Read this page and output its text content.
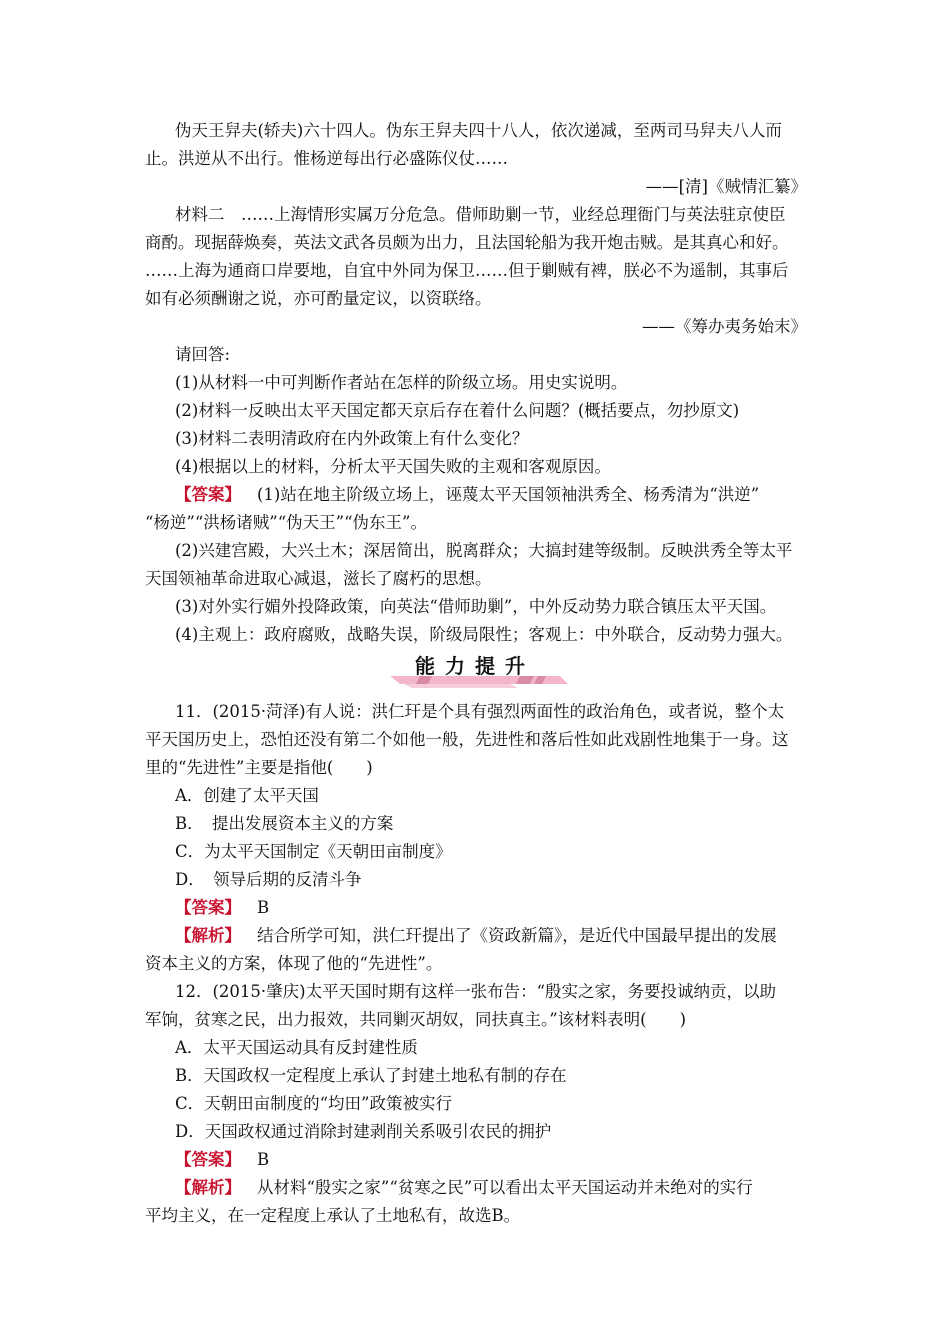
伪天王舁夫(轿夫)六十四人。伪东王舁夫四十八人，依次递减，至两司马舁夫八人而
止。洪逆从不出行。惟杨逆每出行必盛陈仪仗……
——[清]《贼情汇纂》
材料二　……上海情形实属万分危急。借师助剿一节，业经总理衙门与英法驻京使臣
商酌。现据薛焕奏，英法文武各员颇为出力，且法国轮船为我开炮击贼。是其真心和好。
……上海为通商口岸要地，自宜中外同为保卫……但于剿贼有裨，朕必不为遥制，其事后
如有必须酬谢之说，亦可酌量定议，以资联络。
——《筹办夷务始末》
请回答:
(1)从材料一中可判断作者站在怎样的阶级立场。用史实说明。
(2)材料一反映出太平天国定都天京后存在着什么问题？(概括要点，勿抄原文)
(3)材料二表明清政府在内外政策上有什么变化？
(4)根据以上的材料，分析太平天国失败的主观和客观原因。
【答案】 (1)站在地主阶级立场上，诬蔑太平天国领袖洪秀全、杨秀清为“洪逆”
“杨逆”“洪杨诸贼”“伪天王”“伪东王”。
(2)兴建宫殿，大兴土木；深居简出，脱离群众；大搞封建等级制。反映洪秀全等太平
天国领袖革命进取心减退，滋长了腐朽的思想。
(3)对外实行媚外投降政策，向英法“借师助剿”，中外反动势力联合镇压太平天国。
(4)主观上：政府腐败，战略失误，阶级局限性；客观上：中外联合，反动势力强大。
能力提升
11．(2015·菏泽)有人说：洪仁玕是个具有强烈两面性的政治角色，或者说，整个太
平天国历史上，恐怕还没有第二个如他一般，先进性和落后性如此戏剧性地集于一身。这
里的“先进性”主要是指他(　　)
A．创建了太平天国
B．　提出发展资本主义的方案
C．为太平天国制定《天朝田亩制度》
D．　领导后期的反清斗争
【答案】 B
【解析】 结合所学可知，洪仁玕提出了《资政新篇》，是近代中国最早提出的发展
资本主义的方案，体现了他的“先进性”。
12．(2015·肇庆)太平天国时期有这样一张布告：“殷实之家，务要投诚纳贡，以助
军饷，贫寒之民，出力报效，共同剿灭胡奴，同扶真主。”该材料表明(　　)
A．太平天国运动具有反封建性质
B．天国政权一定程度上承认了封建土地私有制的存在
C．天朝田亩制度的“均田”政策被实行
D．天国政权通过消除封建剥削关系吸引农民的拥护
【答案】 B
【解析】 从材料“殷实之家”“贫寒之民”可以看出太平天国运动并未绝对的实行
平均主义，在一定程度上承认了土地私有，故选B。
